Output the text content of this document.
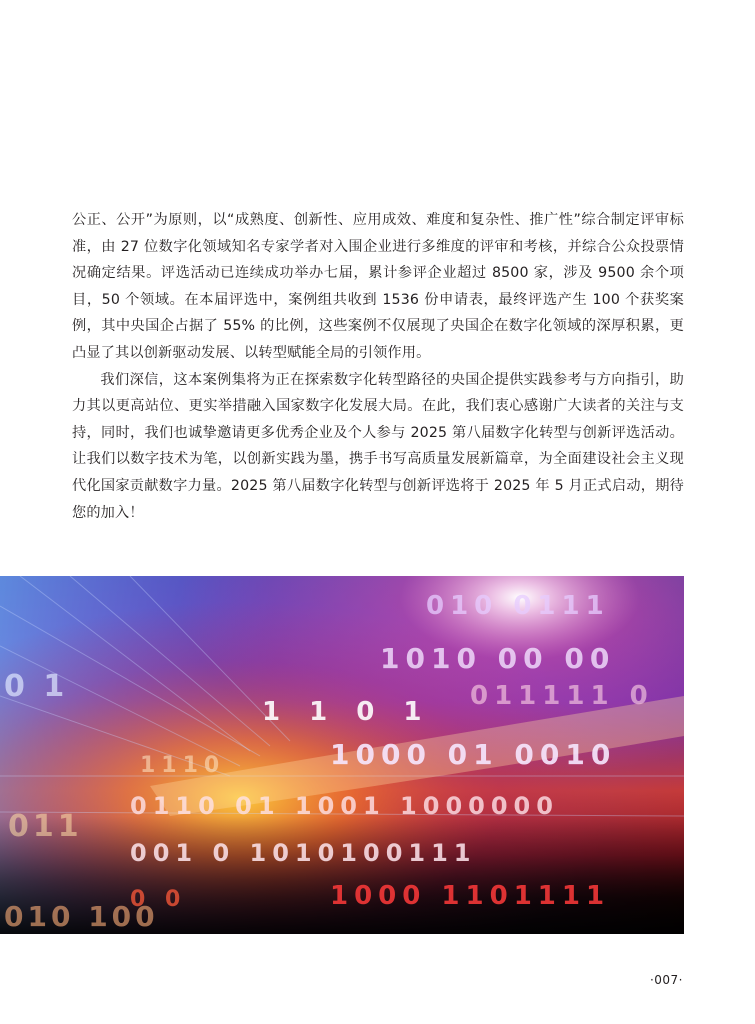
公正、公开”为原则，以“成熟度、创新性、应用成效、难度和复杂性、推广性”综合制定评审标准，由 27 位数字化领域知名专家学者对入围企业进行多维度的评审和考核，并综合公众投票情况确定结果。评选活动已连续成功举办七届，累计参评企业超过 8500 家，涉及 9500 余个项目，50 个领域。在本届评选中，案例组共收到 1536 份申请表，最终评选产生 100 个获奖案例，其中央国企占据了 55% 的比例，这些案例不仅展现了央国企在数字化领域的深厚积累，更凸显了其以创新驱动发展、以转型赋能全局的引领作用。

我们深信，这本案例集将为正在探索数字化转型路径的央国企提供实践参考与方向指引，助力其以更高站位、更实举措融入国家数字化发展大局。在此，我们衷心感谢广大读者的关注与支持，同时，我们也诚挚邀请更多优秀企业及个人参与 2025 第八届数字化转型与创新评选活动。让我们以数字技术为笔，以创新实践为墨，携手书写高质量发展新篇章，为全面建设社会主义现代化国家贡献数字力量。2025 第八届数字化转型与创新评选将于 2025 年 5 月正式启动，期待您的加入！

010 0111
1010 00 00
1 1 0 1
011111 0
1000 01 0010
1110
0110 01 1001 1000000
001 0 1010100111
1000 1101111
0 0
0 1
011
010 100
·007·
